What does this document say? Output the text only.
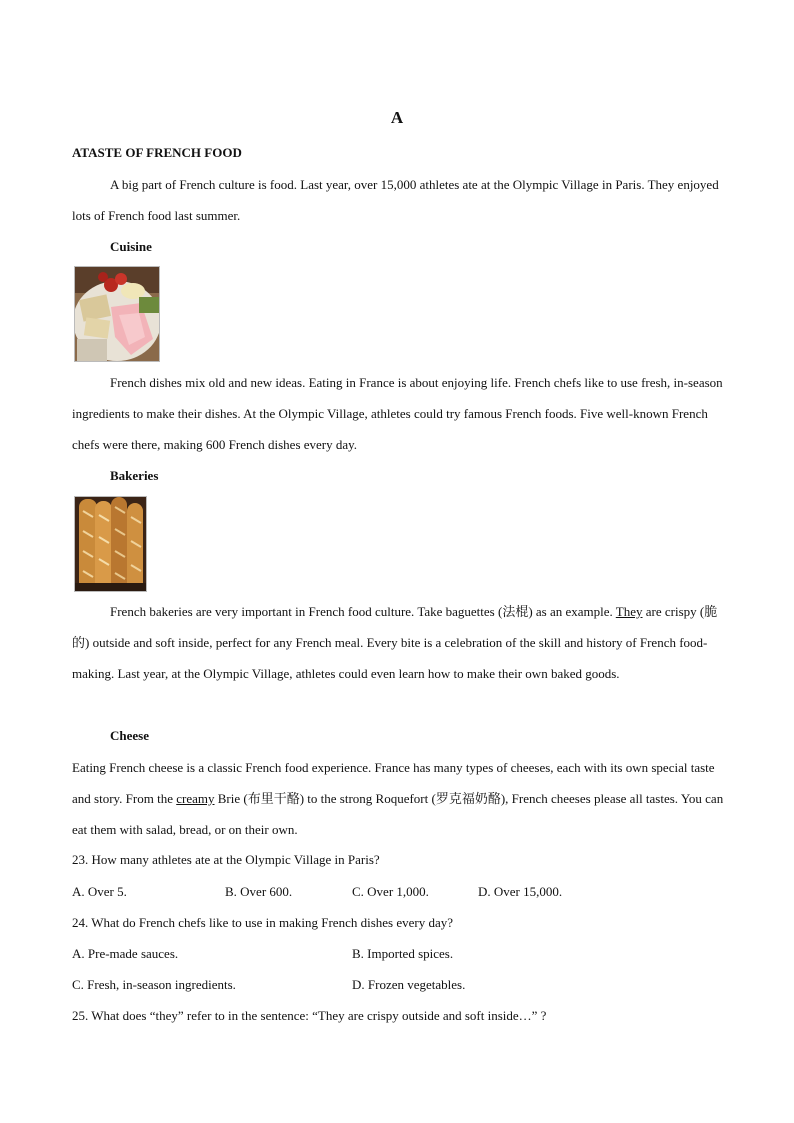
A
ATASTE OF FRENCH FOOD
A big part of French culture is food. Last year, over 15,000 athletes ate at the Olympic Village in Paris. They enjoyed lots of French food last summer.
Cuisine
French dishes mix old and new ideas. Eating in France is about enjoying life. French chefs like to use fresh, in-season ingredients to make their dishes. At the Olympic Village, athletes could try famous French foods. Five well-known French chefs were there, making 600 French dishes every day.
Bakeries
French bakeries are very important in French food culture. Take baguettes (法棍) as an example. They are crispy (脆的) outside and soft inside, perfect for any French meal. Every bite is a celebration of the skill and history of French food-making. Last year, at the Olympic Village, athletes could even learn how to make their own baked goods.
Cheese
Eating French cheese is a classic French food experience. France has many types of cheeses, each with its own special taste and story. From the creamy Brie (布里干酪) to the strong Roquefort (罗克福奶酪), French cheeses please all tastes. You can eat them with salad, bread, or on their own.
23. How many athletes ate at the Olympic Village in Paris?
A. Over 5.	B. Over 600.	C. Over 1,000.	D. Over 15,000.
24. What do French chefs like to use in making French dishes every day?
A. Pre-made sauces.	B. Imported spices.
C. Fresh, in-season ingredients.	D. Frozen vegetables.
25. What does “they” refer to in the sentence: “They are crispy outside and soft inside…” ?
